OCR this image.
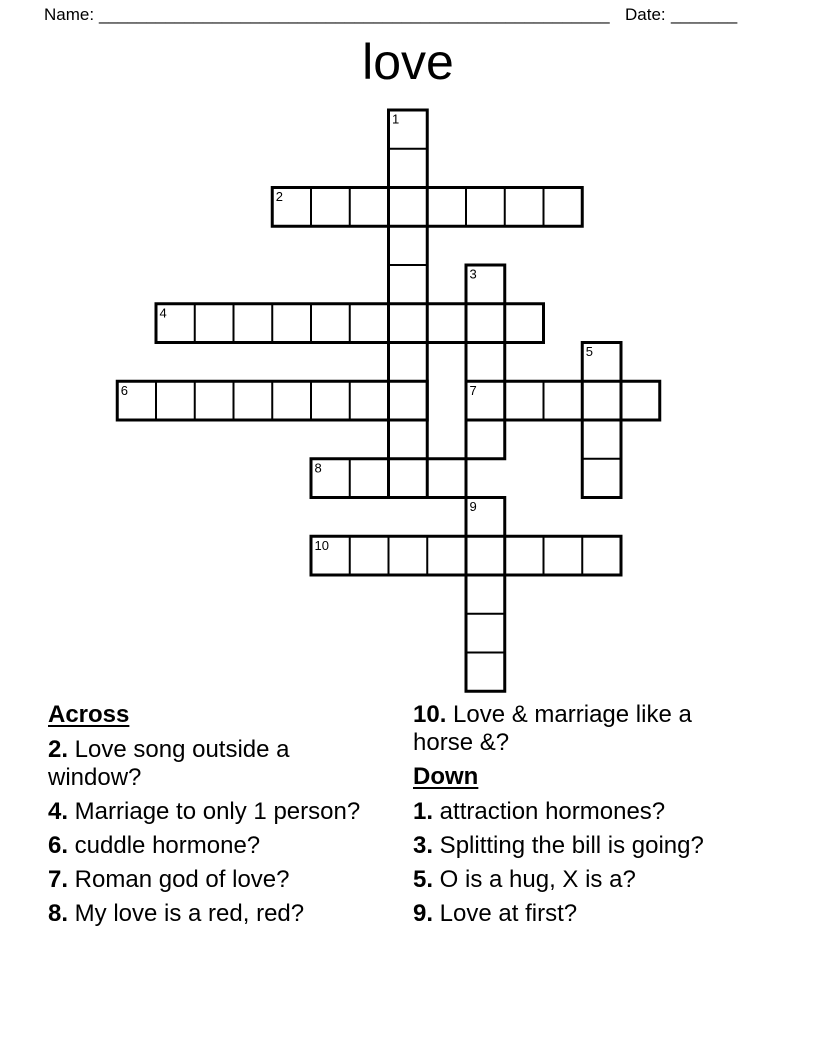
Name: ______________________________________________________ Date: _______
love
1
2
3
4
5
6	7
8
9
10
Across

2. Love song outside a window?

4. Marriage to only 1 person?

6. cuddle hormone?

7. Roman god of love?

8. My love is a red, red?

10. Love & marriage like a horse &?

Down

1. attraction hormones?

3. Splitting the bill is going?

5. O is a hug, X is a?

9. Love at first?
